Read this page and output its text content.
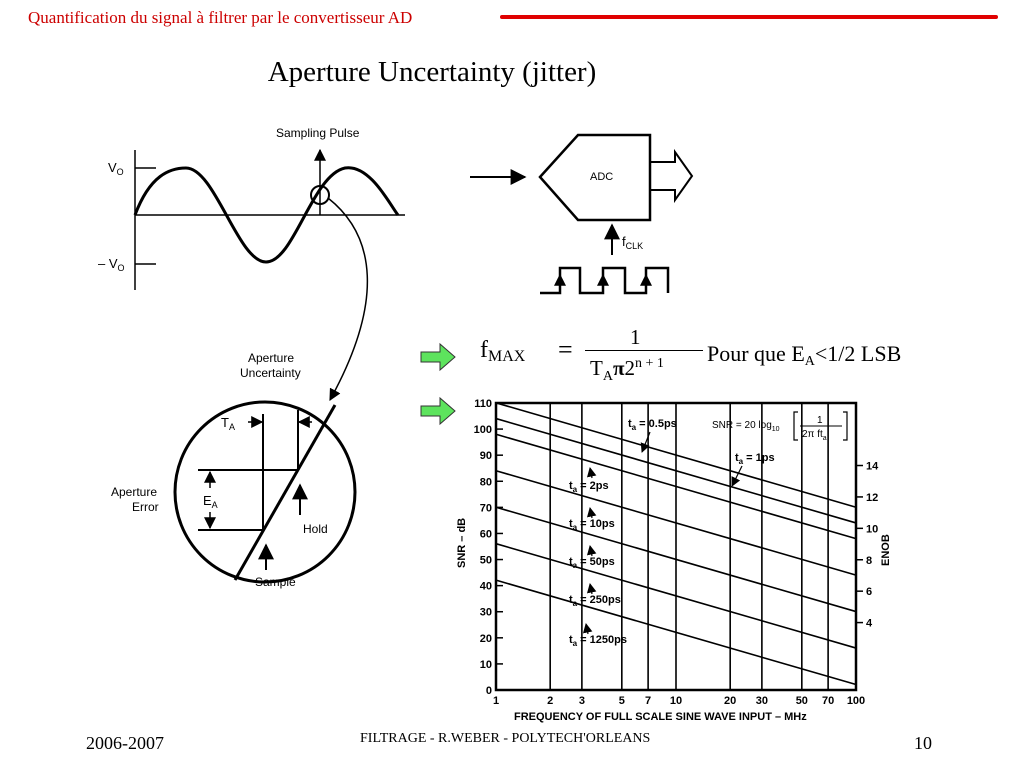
Quantification du signal à filtrer par le convertisseur AD
Aperture Uncertainty (jitter)
Sampling Pulse
$V_O$
– $V_O$
ADC
$f_{CLK}$
Aperture
Uncertainty
$T_A$
$E_A$
Aperture
Error
Hold
Sample
1	2 3	5 7 10	20 30	50 70 100
0
10
20
30
40
50
60
70
80
90
100
110
4
6
8
10
12
14
$t_a = 0.5ps$
$t_a = 1ps$
$t_a = 2ps$
$t_a = 10ps$
$t_a = 50ps$
$t_a = 250ps$
$t_a = 1250ps$
FREQUENCY OF FULL SCALE SINE WAVE INPUT – MHz
SNR – dB	ENOB
SNR = 20 $\log_{10}$
1
2π $ft_a$
fMAX =	1
$T_A\pi 2^{n + 1}$ Pour que EA<1/2 LSB
2006-2007	FILTRAGE - R.WEBER - POLYTECH'ORLEANS	10
